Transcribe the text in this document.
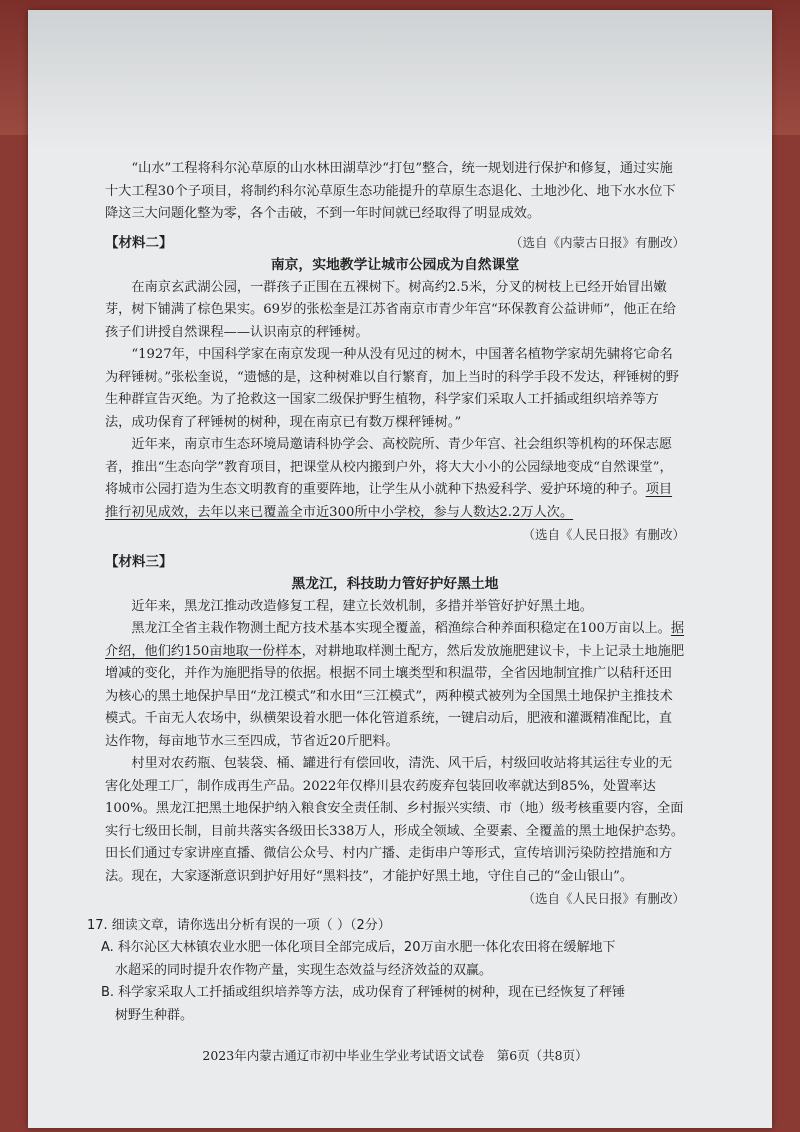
“山水”工程将科尔沁草原的山水林田湖草沙“打包”整合，统一规划进行保护和修复，通过实施十大工程30个子项目，将制约科尔沁草原生态功能提升的草原生态退化、土地沙化、地下水水位下降这三大问题化整为零，各个击破，不到一年时间就已经取得了明显成效。

【材料二】	（选自《内蒙古日报》有删改）
南京，实地教学让城市公园成为自然课堂

在南京玄武湖公园，一群孩子正围在五裸树下。树高约2.5米，分叉的树枝上已经开始冒出嫩芽，树下铺满了棕色果实。69岁的张松奎是江苏省南京市青少年宫“环保教育公益讲师”，他正在给孩子们讲授自然课程——认识南京的秤锤树。

“1927年，中国科学家在南京发现一种从没有见过的树木，中国著名植物学家胡先骕将它命名为秤锤树。”张松奎说，“遗憾的是，这种树难以自行繁育，加上当时的科学手段不发达，秤锤树的野生种群宣告灭绝。为了抢救这一国家二级保护野生植物，科学家们采取人工扦插或组织培养等方法，成功保育了秤锤树的树种，现在南京已有数万棵秤锤树。”

近年来，南京市生态环境局邀请科协学会、高校院所、青少年宫、社会组织等机构的环保志愿者，推出“生态向学”教育项目，把课堂从校内搬到户外，将大大小小的公园绿地变成“自然课堂”，将城市公园打造为生态文明教育的重要阵地，让学生从小就种下热爱科学、爱护环境的种子。项目推行初见成效，去年以来已覆盖全市近300所中小学校，参与人数达2.2万人次。

（选自《人民日报》有删改）
【材料三】
黑龙江，科技助力管好护好黑土地

近年来，黑龙江推动改造修复工程，建立长效机制，多措并举管好护好黑土地。

黑龙江全省主栽作物测土配方技术基本实现全覆盖，稻渔综合种养面积稳定在100万亩以上。据介绍，他们约150亩地取一份样本，对耕地取样测土配方，然后发放施肥建议卡，卡上记录土地施肥增减的变化，并作为施肥指导的依据。根据不同土壤类型和积温带，全省因地制宜推广以秸秆还田为核心的黑土地保护旱田“龙江模式”和水田“三江模式”，两种模式被列为全国黑土地保护主推技术模式。千亩无人农场中，纵横架设着水肥一体化管道系统，一键启动后，肥液和灌溉精准配比，直达作物，每亩地节水三至四成，节省近20斤肥料。

村里对农药瓶、包装袋、桶、罐进行有偿回收，清洗、风干后，村级回收站将其运往专业的无害化处理工厂，制作成再生产品。2022年仅桦川县农药废弃包装回收率就达到85%，处置率达100%。黑龙江把黑土地保护纳入粮食安全责任制、乡村振兴实绩、市（地）级考核重要内容，全面实行七级田长制，目前共落实各级田长338万人，形成全领域、全要素、全覆盖的黑土地保护态势。田长们通过专家讲座直播、微信公众号、村内广播、走街串户等形式，宣传培训污染防控措施和方法。现在，大家逐渐意识到护好用好“黑料技”，才能护好黑土地，守住自己的“金山银山”。

（选自《人民日报》有删改）

17. 细读文章，请你选出分析有误的一项（ ）（2分）

A. 科尔沁区大林镇农业水肥一体化项目全部完成后，20万亩水肥一体化农田将在缓解地下

水超采的同时提升农作物产量，实现生态效益与经济效益的双赢。

B. 科学家采取人工扦插或组织培养等方法，成功保育了秤锤树的树种，现在已经恢复了秤锤

树野生种群。

2023年内蒙古通辽市初中毕业生学业考试语文试卷　第6页（共8页）
